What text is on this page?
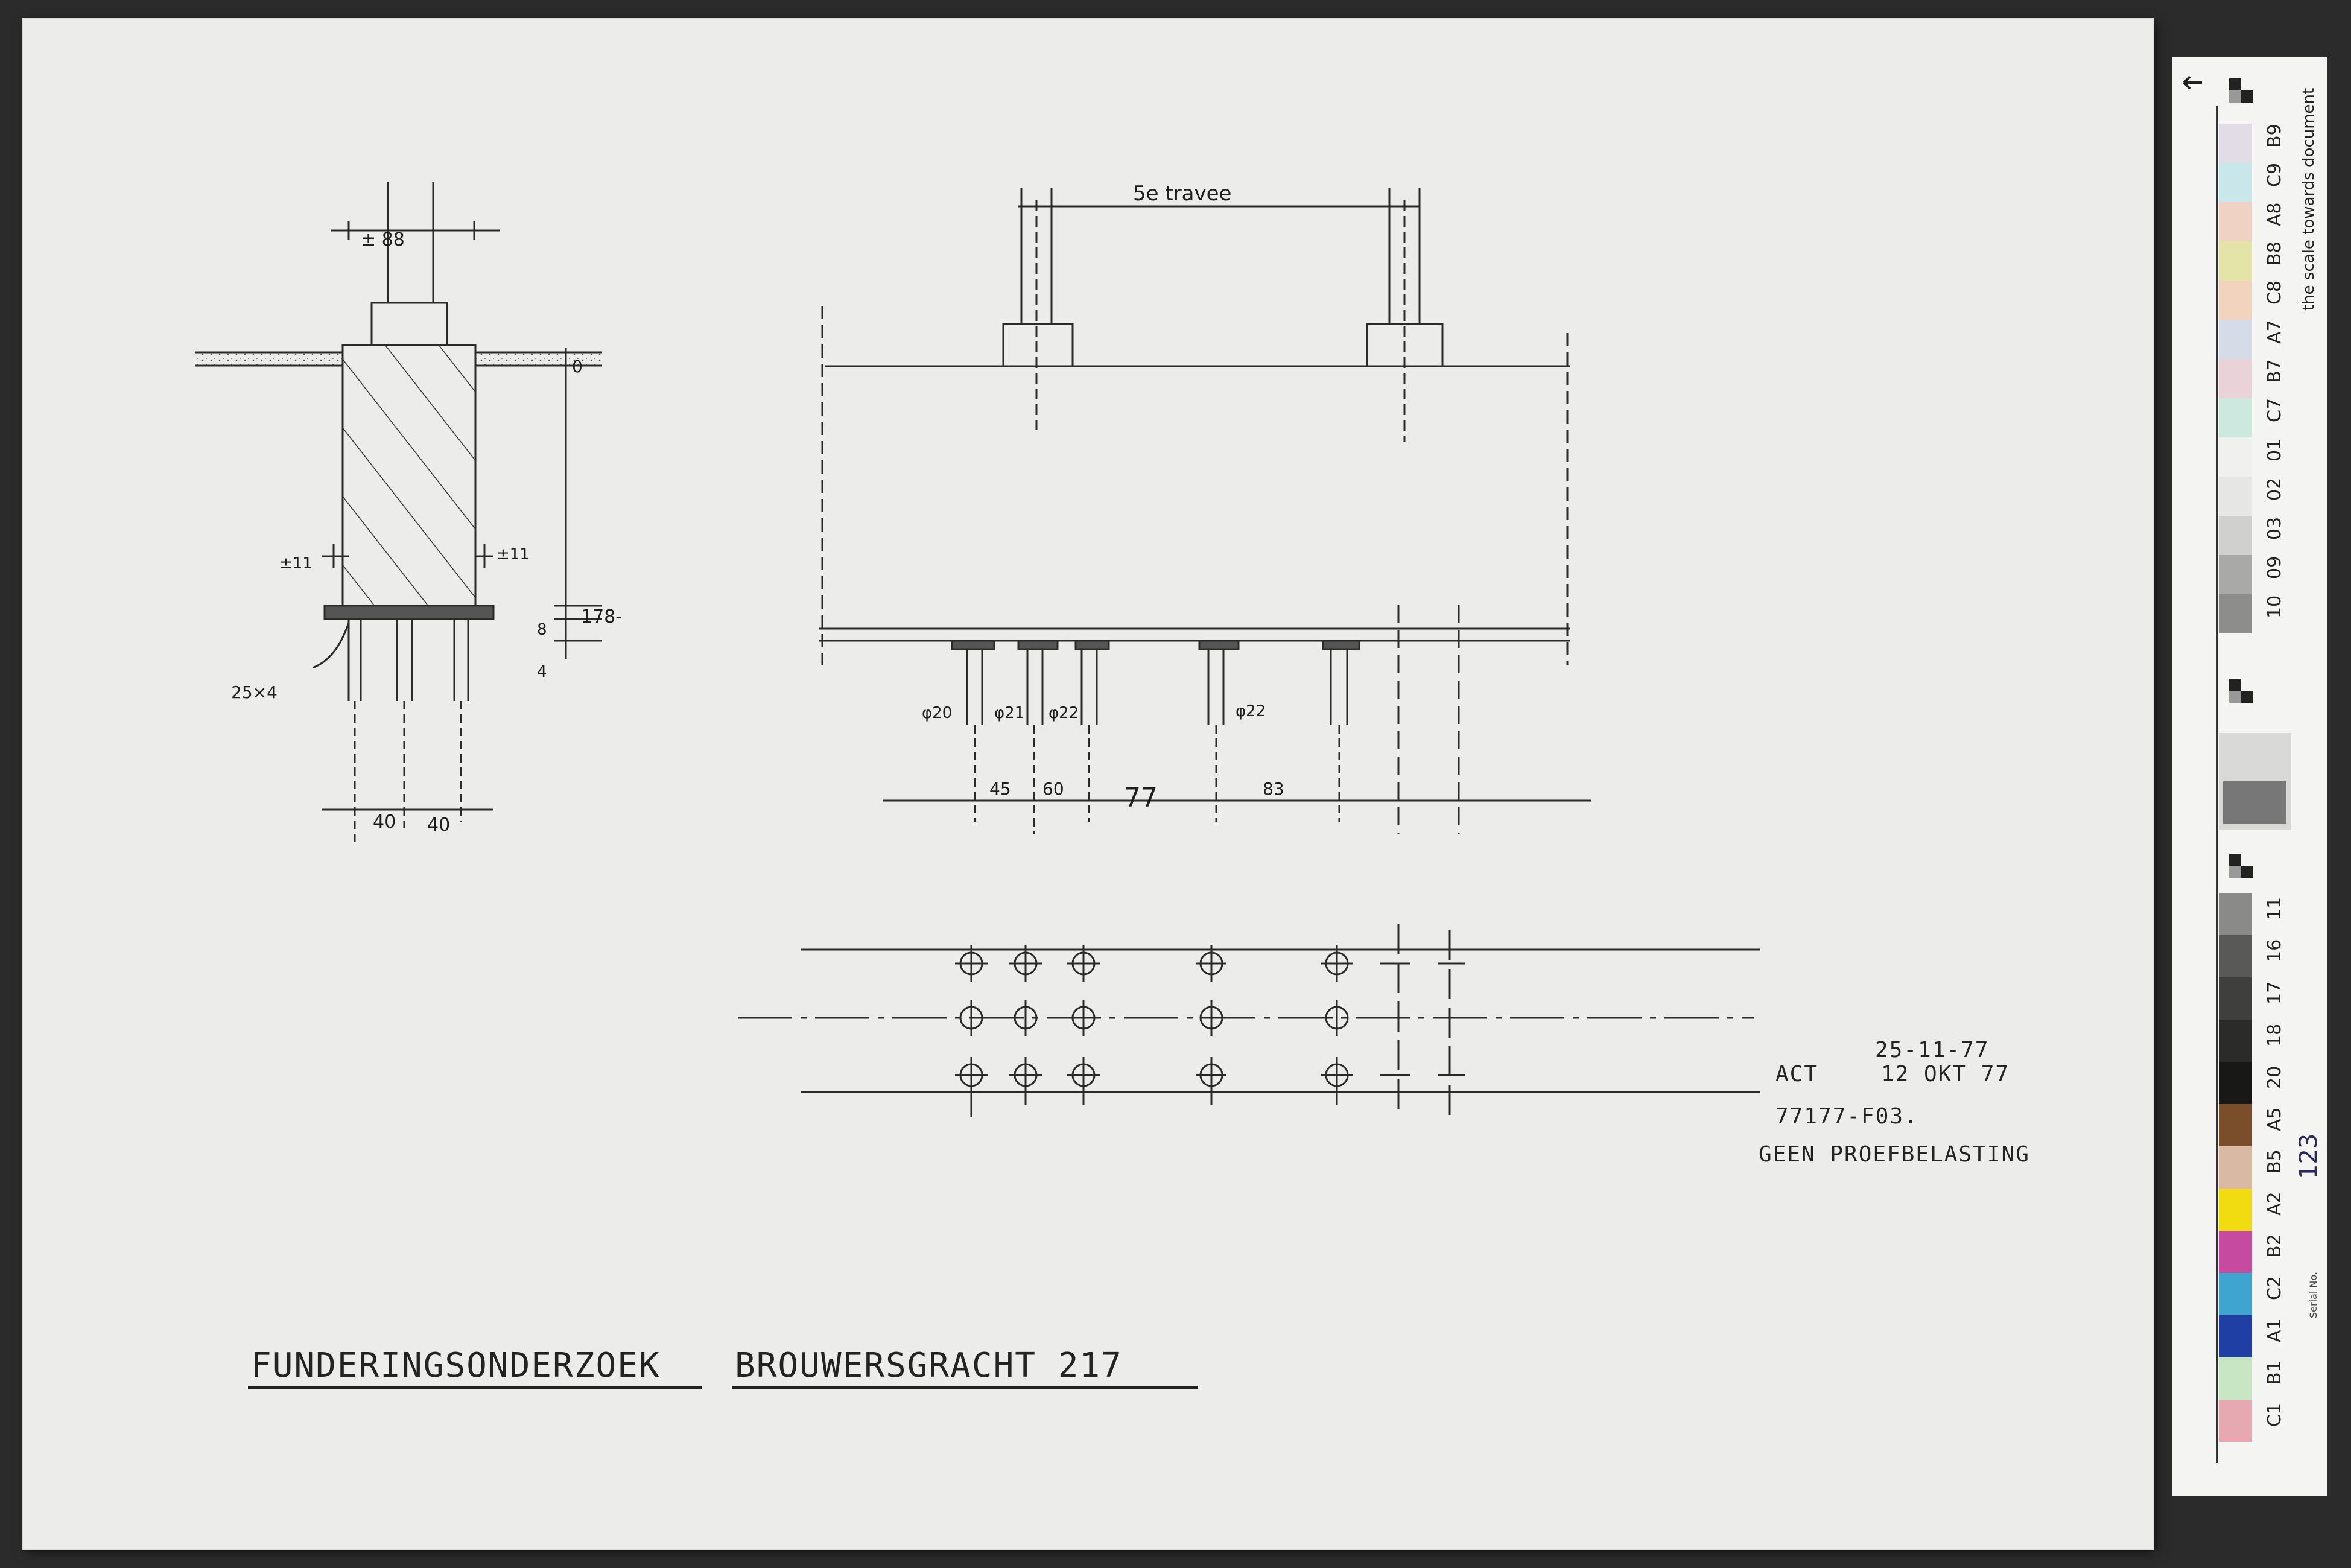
± 88
0
±11	±11
178-
8
4
25×4
40 40
5e travee
φ20	φ21 φ22	φ22
45 60 77	83
25-11-77
ACT	12 OKT 77
77177-F03.
GEEN PROEFBELASTING
FUNDERINGSONDERZOEK BROUWERSGRACHT 217
B9
C9
A8
B8
C8
A7
B7
C7
01
02
03
09
10
the scale towards document
11
16
17
18
20
A5
B5
A2
B2
C2
A1
B1
C1
123
Serial No.
